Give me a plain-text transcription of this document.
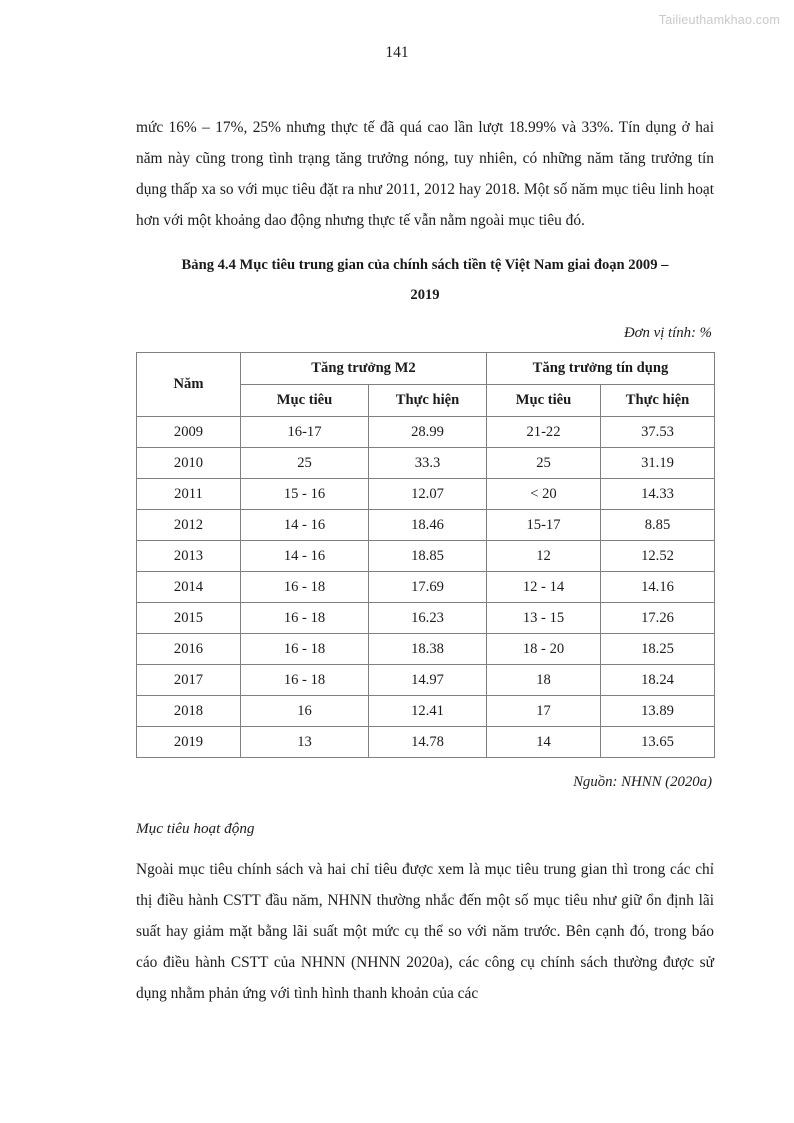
Tailieuthamkhao.com
141

mức 16% – 17%, 25% nhưng thực tế đã quá cao lần lượt 18.99% và 33%. Tín dụng ở hai năm này cũng trong tình trạng tăng trưởng nóng, tuy nhiên, có những năm tăng trưởng tín dụng thấp xa so với mục tiêu đặt ra như 2011, 2012 hay 2018. Một số năm mục tiêu linh hoạt hơn với một khoảng dao động nhưng thực tế vẫn nằm ngoài mục tiêu đó.

Bảng 4.4 Mục tiêu trung gian của chính sách tiền tệ Việt Nam giai đoạn 2009 –

2019

Đơn vị tính: %

Năm	Tăng trưởng M2		Tăng trưởng tín dụng	
	Mục tiêu	Thực hiện	Mục tiêu	Thực hiện
2009	16-17	28.99	21-22	37.53
2010	25	33.3	25	31.19
2011	15 - 16	12.07	< 20	14.33
2012	14 - 16	18.46	15-17	8.85
2013	14 - 16	18.85	12	12.52
2014	16 - 18	17.69	12 - 14	14.16
2015	16 - 18	16.23	13 - 15	17.26
2016	16 - 18	18.38	18 - 20	18.25
2017	16 - 18	14.97	18	18.24
2018	16	12.41	17	13.89
2019	13	14.78	14	13.65

Nguồn: NHNN (2020a)

Mục tiêu hoạt động

Ngoài mục tiêu chính sách và hai chỉ tiêu được xem là mục tiêu trung gian thì trong các chỉ thị điều hành CSTT đầu năm, NHNN thường nhắc đến một số mục tiêu như giữ ổn định lãi suất hay giảm mặt bằng lãi suất một mức cụ thể so với năm trước. Bên cạnh đó, trong báo cáo điều hành CSTT của NHNN (NHNN 2020a), các công cụ chính sách thường được sử dụng nhằm phản ứng với tình hình thanh khoản của các
